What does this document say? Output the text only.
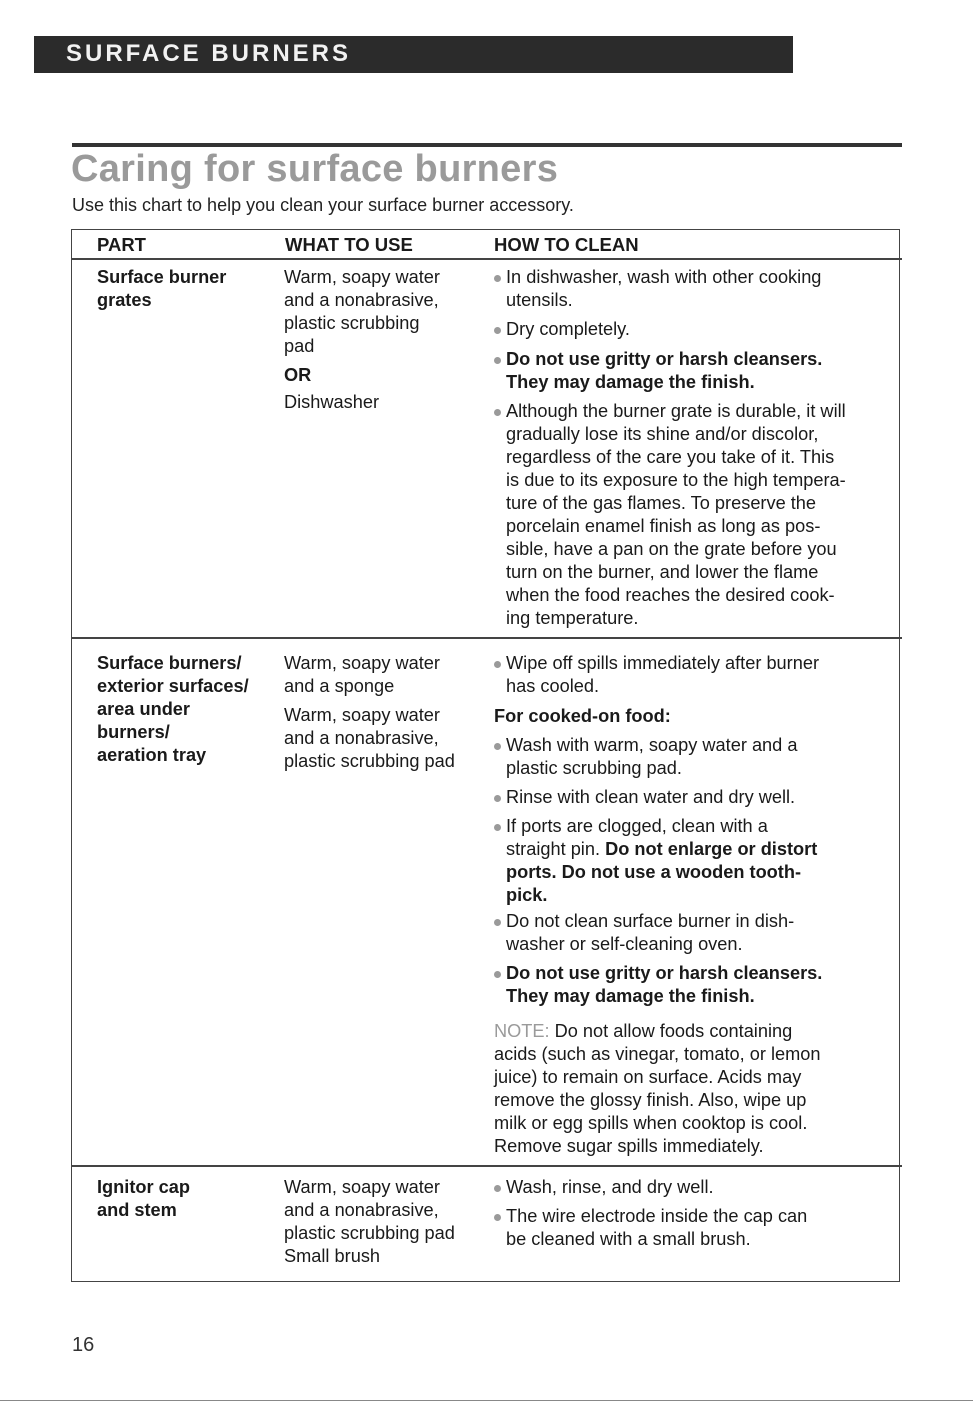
SURFACE BURNERS
Caring for surface burners
Use this chart to help you clean your surface burner accessory.
PART	WHAT TO USE	HOW TO CLEAN
Surface burner
grates
Warm, soapy water
and a nonabrasive,
plastic scrubbing
pad
OR
Dishwasher
In dishwasher, wash with other cooking
utensils.
Dry completely.
Do not use gritty or harsh cleansers.
They may damage the finish.
Although the burner grate is durable, it will
gradually lose its shine and/or discolor,
regardless of the care you take of it. This
is due to its exposure to the high tempera-
ture of the gas flames. To preserve the
porcelain enamel finish as long as pos-
sible, have a pan on the grate before you
turn on the burner, and lower the flame
when the food reaches the desired cook-
ing temperature.
Surface burners/
exterior surfaces/
area under
burners/
aeration tray
Warm, soapy water
and a sponge
Warm, soapy water
and a nonabrasive,
plastic scrubbing pad
Wipe off spills immediately after burner
has cooled.
For cooked-on food:
Wash with warm, soapy water and a
plastic scrubbing pad.
Rinse with clean water and dry well.
If ports are clogged, clean with a
straight pin. Do not enlarge or distort
ports. Do not use a wooden tooth-
pick.
Do not clean surface burner in dish-
washer or self-cleaning oven.
Do not use gritty or harsh cleansers.
They may damage the finish.
NOTE: Do not allow foods containing
acids (such as vinegar, tomato, or lemon
juice) to remain on surface. Acids may
remove the glossy finish. Also, wipe up
milk or egg spills when cooktop is cool.
Remove sugar spills immediately.
Ignitor cap
and stem
Warm, soapy water
and a nonabrasive,
plastic scrubbing pad
Small brush
Wash, rinse, and dry well.
The wire electrode inside the cap can
be cleaned with a small brush.
16
